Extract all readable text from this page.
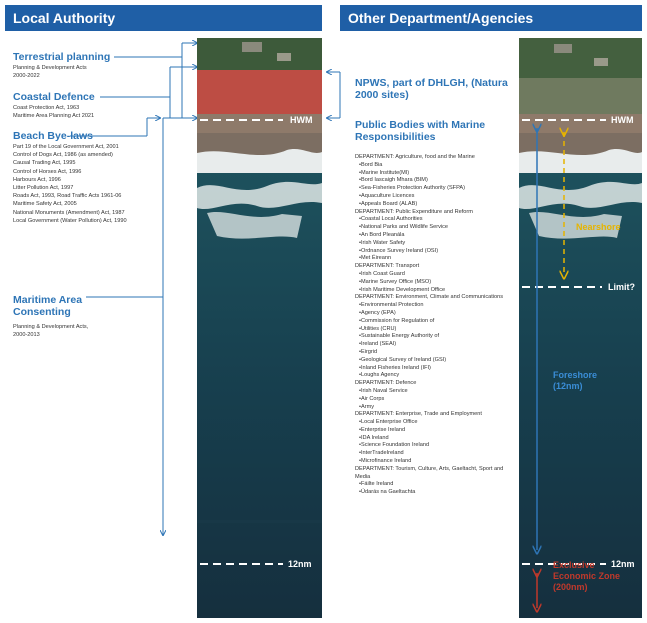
Local Authority	Other Department/Agencies
Terrestrial planning
Planning & Development Acts
2000-2022
Coastal Defence
Coast Protection Act, 1963
Maritime Area Planning Act 2021
Beach Bye-laws
Part 19 of the Local Government Act, 2001
Control of Dogs Act, 1986 (as amended)
Causal Trading Act, 1995
Control of Horses Act, 1996
Harbours Act, 1996
Litter Pollution Act, 1997
Roads Act, 1993, Road Traffic Acts 1961-06
Maritime Safety Act, 2005
National Monuments (Amendment) Act, 1987
Local Government (Water Pollution) Act, 1990
Maritime Area
Consenting
Planning & Development Acts,
2000-2013
HWM
12nm
NPWS, part of DHLGH, (Natura
2000 sites)
Public Bodies with Marine
Responsibilities
DEPARTMENT: Agriculture, food and the Marine
• Bord Bia
• Marine Institute(MI)
• Bord Iascaigh Mhara (BIM)
• Sea-Fisheries Protection Authority (SFPA)
• Aquaculture Licences
• Appeals Board (ALAB)
DEPARTMENT: Public Expenditure and Reform
• Coastal Local Authorities
• National Parks and Wildlife Service
• An Bord Pleanála
• Irish Water Safety
• Ordnance Survey Ireland (OSI)
• Met Éireann
DEPARTMENT: Transport
• Irish Coast Guard
• Marine Survey Office (MSO)
• Irish Maritime Development Office
DEPARTMENT: Environment, Climate and Communications
• Environmental Protection
• Agency (EPA)
• Commission for Regulation of
• Utilities (CRU)
• Sustainable Energy Authority of
• Ireland (SEAI)
• Eirgrid
• Geological Survey of Ireland (GSI)
• Inland Fisheries Ireland (IFI)
• Loughs Agency
DEPARTMENT: Defence
• Irish Naval Service
• Air Corps
• Army
DEPARTMENT: Enterprise, Trade and Employment
• Local Enterprise Office
• Enterprise Ireland
• IDA Ireland
• Science Foundation Ireland
• InterTradeIreland
• Microfinance Ireland
DEPARTMENT: Tourism, Culture, Arts, Gaeltacht, Sport and Media
• Fáilte Ireland
• Údarás na Gaeltachta
HWM
Limit?
12nm
Nearshore
Foreshore
(12nm)
Exclusive
Economic Zone
(200nm)
